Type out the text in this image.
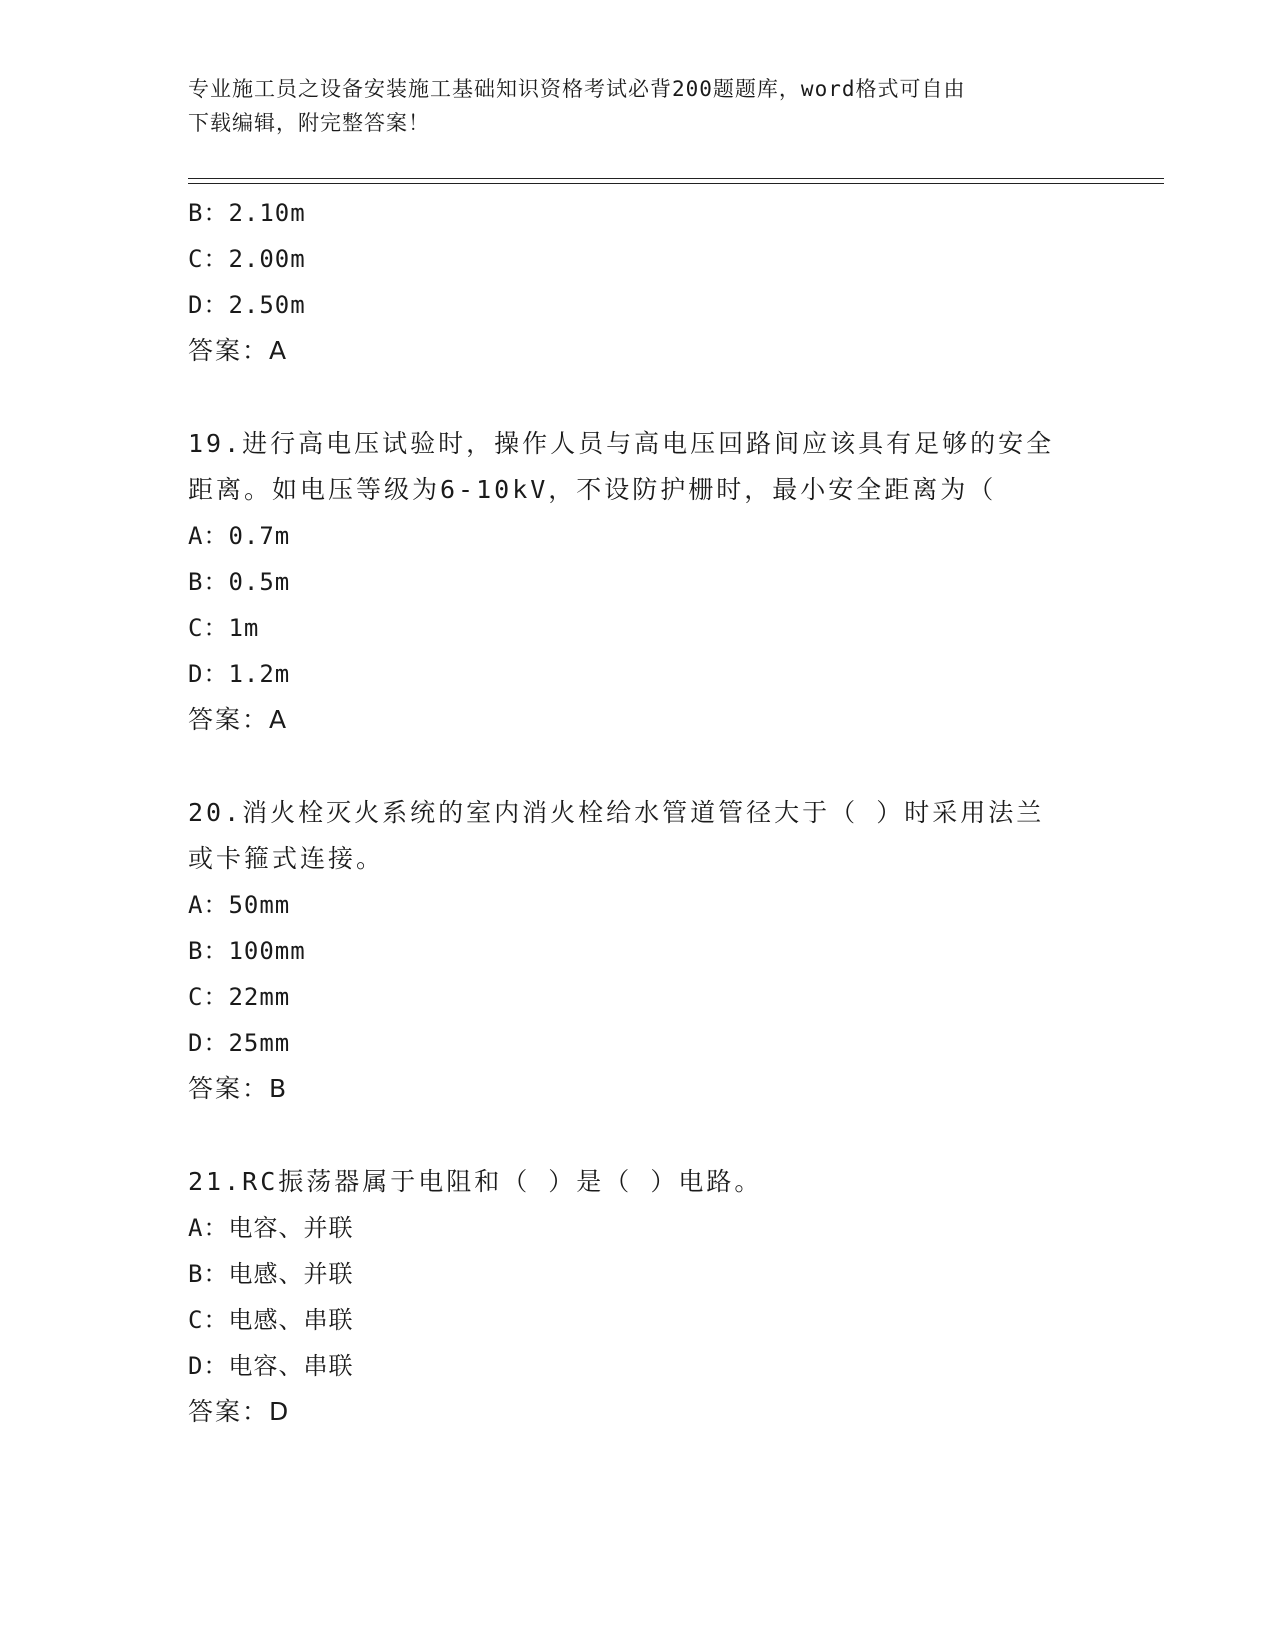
专业施工员之设备安装施工基础知识资格考试必背200题题库，word格式可自由
下载编辑，附完整答案！
B：2.10m
C：2.00m
D：2.50m
答案：A
19.进行高电压试验时，操作人员与高电压回路间应该具有足够的安全
距离。如电压等级为6-10kV，不设防护栅时，最小安全距离为（
A：0.7m
B：0.5m
C：1m
D：1.2m
答案：A
20.消火栓灭火系统的室内消火栓给水管道管径大于（ ）时采用法兰
或卡箍式连接。
A：50mm
B：100mm
C：22mm
D：25mm
答案：B
21.RC振荡器属于电阻和（ ）是（ ）电路。
A：电容、并联
B：电感、并联
C：电感、串联
D：电容、串联
答案：D
